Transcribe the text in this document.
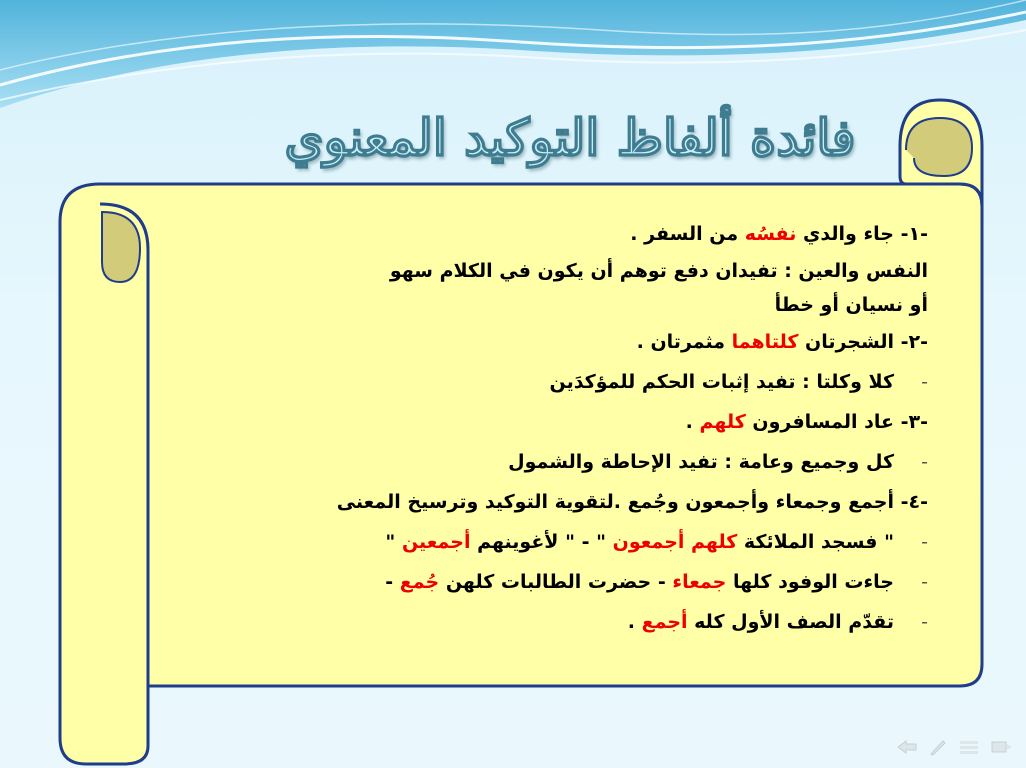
فائدة ألفاظ التوكيد المعنوي
-١- جاء والدي نفسُه من السفر .
النفس والعين : تفيدان دفع توهم أن يكون في الكلام سهو
أو نسيان أو خطأ
-٢- الشجرتان كلتاهما مثمرتان .
-كلا وكلتا : تفيد إثبات الحكم للمؤكدَين
-٣- عاد المسافرون كلهم .
-كل وجميع وعامة : تفيد الإحاطة والشمول
-٤- أجمع وجمعاء وأجمعون وجُمع .لتقوية التوكيد وترسيخ المعنى
-" فسجد الملائكة كلهم أجمعون " - " لأغوينهم أجمعين "
-جاءت الوفود كلها جمعاء - حضرت الطالبات كلهن جُمع -
-تقدّم الصف الأول كله أجمع .
